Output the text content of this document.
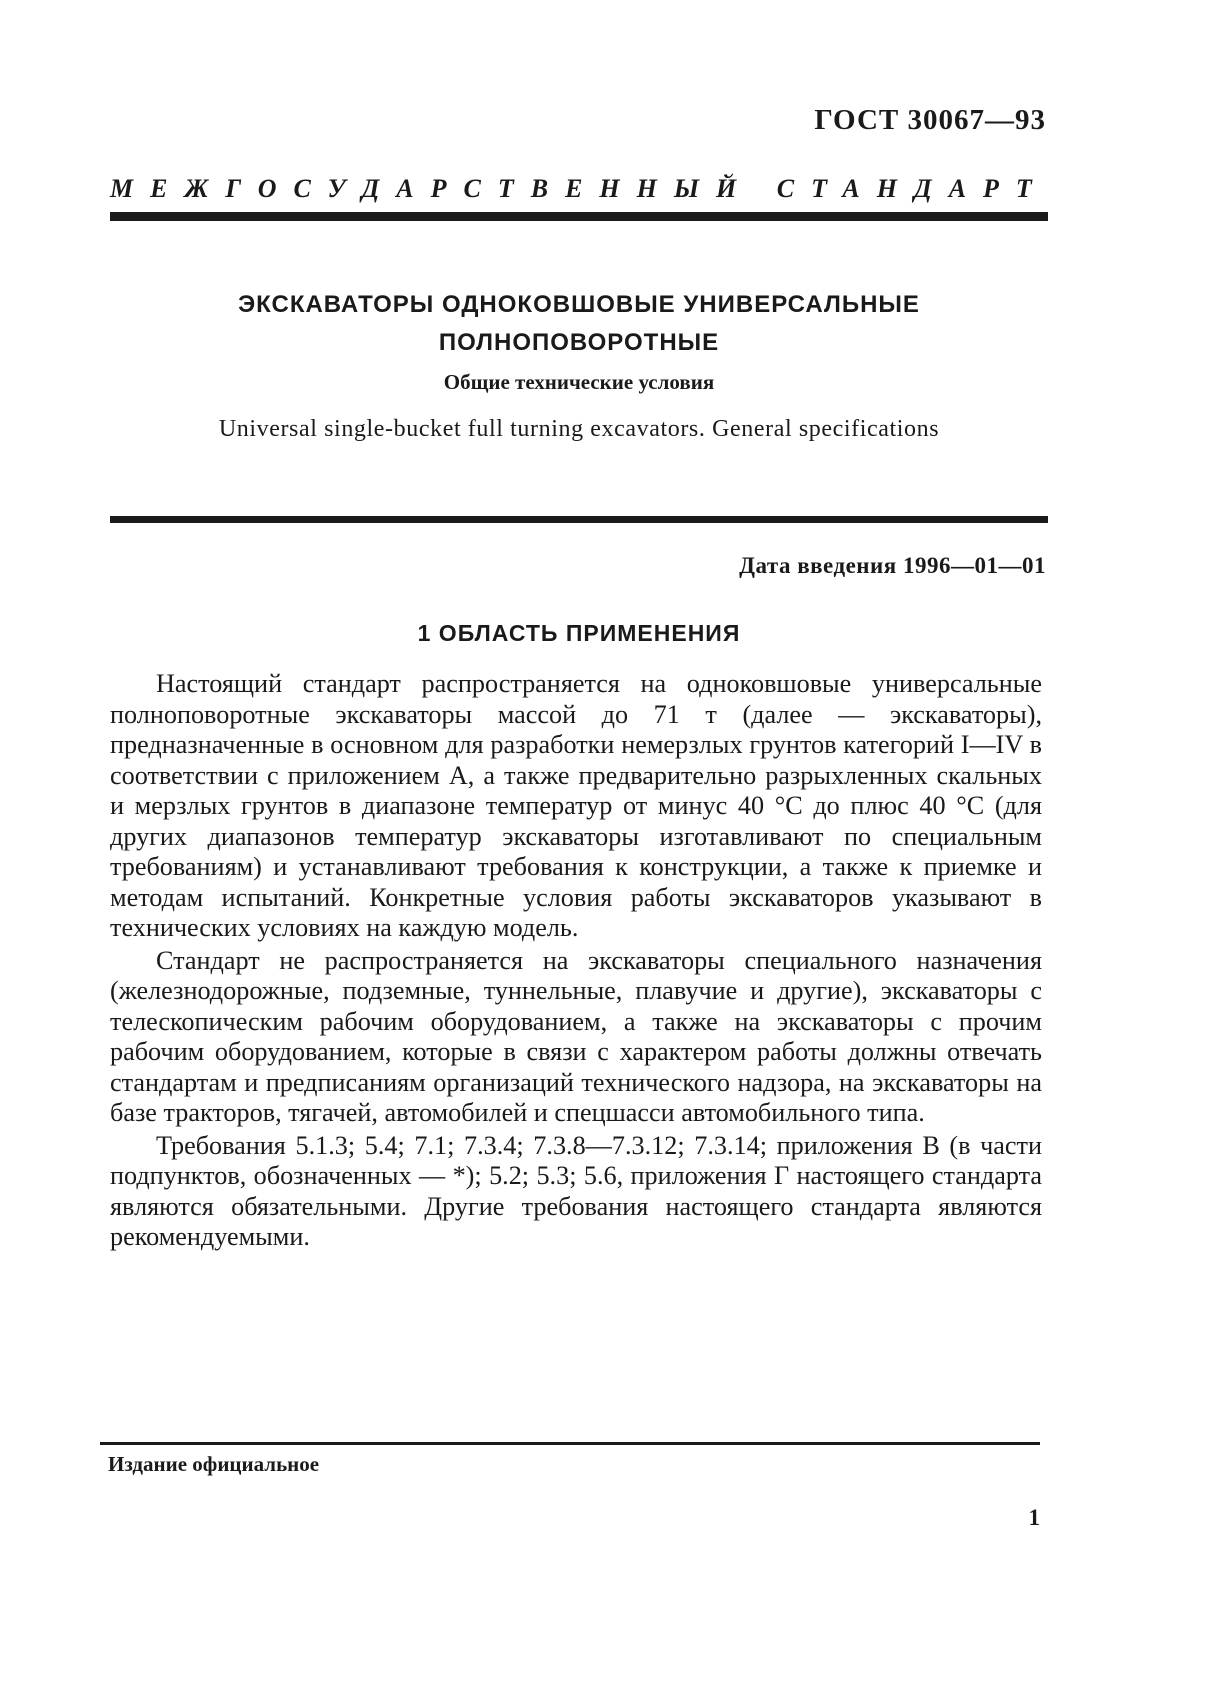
ГОСТ 30067—93
МЕЖГОСУДАРСТВЕННЫЙ СТАНДАРТ
ЭКСКАВАТОРЫ ОДНОКОВШОВЫЕ УНИВЕРСАЛЬНЫЕ
ПОЛНОПОВОРОТНЫЕ
Общие технические условия
Universal single-bucket full turning excavators. General specifications
Дата введения 1996—01—01
1 ОБЛАСТЬ ПРИМЕНЕНИЯ

Настоящий стандарт распространяется на одноковшовые универсальные полноповоротные экскаваторы массой до 71 т (далее — экскаваторы), предназначенные в основном для разработки немерзлых грунтов категорий I—IV в соответствии с приложением А, а также предварительно разрыхленных скальных и мерзлых грунтов в диапазоне температур от минус 40 °С до плюс 40 °С (для других диапазонов температур экскаваторы изготавливают по специальным требованиям) и устанавливают требования к конструкции, а также к приемке и методам испытаний. Конкретные условия работы экскаваторов указывают в технических условиях на каждую модель.

Стандарт не распространяется на экскаваторы специального назначения (железнодорожные, подземные, туннельные, плавучие и другие), экскаваторы с телескопическим рабочим оборудованием, а также на экскаваторы с прочим рабочим оборудованием, которые в связи с характером работы должны отвечать стандартам и предписаниям организаций технического надзора, на экскаваторы на базе тракторов, тягачей, автомобилей и спецшасси автомобильного типа.

Требования 5.1.3; 5.4; 7.1; 7.3.4; 7.3.8—7.3.12; 7.3.14; приложения В (в части подпунктов, обозначенных — *); 5.2; 5.3; 5.6, приложения Г настоящего стандарта являются обязательными. Другие требования настоящего стандарта являются рекомендуемыми.

Издание официальное
1
